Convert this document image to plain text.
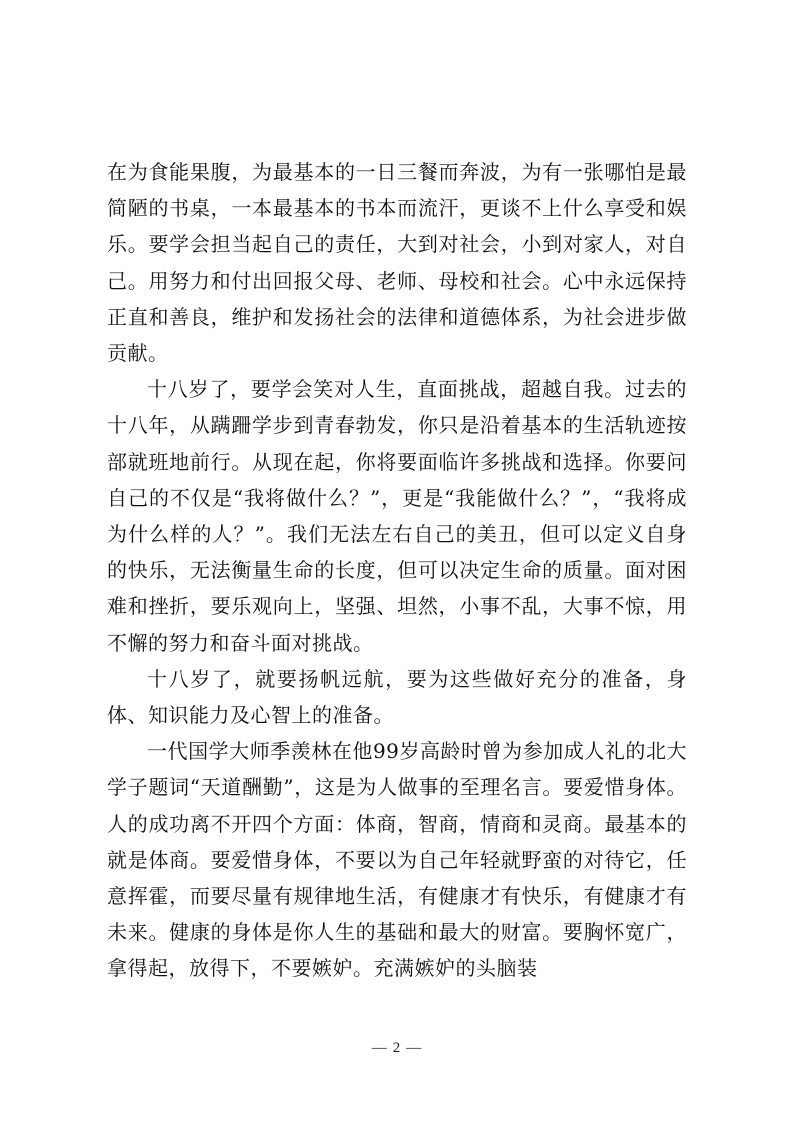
在为食能果腹，为最基本的一日三餐而奔波，为有一张哪怕是最简陋的书桌，一本最基本的书本而流汗，更谈不上什么享受和娱乐。要学会担当起自己的责任，大到对社会，小到对家人，对自己。用努力和付出回报父母、老师、母校和社会。心中永远保持正直和善良，维护和发扬社会的法律和道德体系，为社会进步做贡献。

十八岁了，要学会笑对人生，直面挑战，超越自我。过去的十八年，从蹒跚学步到青春勃发，你只是沿着基本的生活轨迹按部就班地前行。从现在起，你将要面临许多挑战和选择。你要问自己的不仅是“我将做什么？”，更是“我能做什么？”，“我将成为什么样的人？”。我们无法左右自己的美丑，但可以定义自身的快乐，无法衡量生命的长度，但可以决定生命的质量。面对困难和挫折，要乐观向上，坚强、坦然，小事不乱，大事不惊，用不懈的努力和奋斗面对挑战。

十八岁了，就要扬帆远航，要为这些做好充分的准备，身体、知识能力及心智上的准备。

一代国学大师季羡林在他99岁高龄时曾为参加成人礼的北大学子题词“天道酬勤”，这是为人做事的至理名言。要爱惜身体。人的成功离不开四个方面：体商，智商，情商和灵商。最基本的就是体商。要爱惜身体，不要以为自己年轻就野蛮的对待它，任意挥霍，而要尽量有规律地生活，有健康才有快乐，有健康才有未来。健康的身体是你人生的基础和最大的财富。要胸怀宽广，拿得起，放得下，不要嫉妒。充满嫉妒的头脑装

— 2 —
